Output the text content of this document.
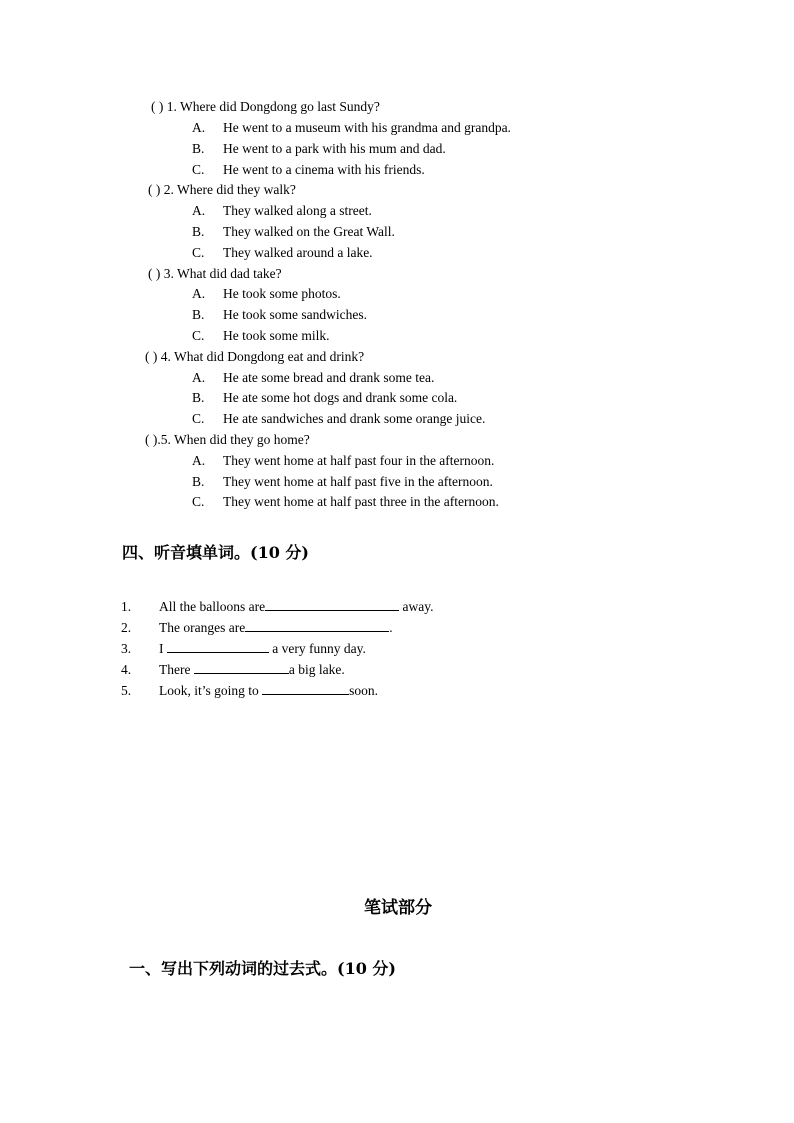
( ) 1. Where did Dongdong go last Sundy?
A. He went to a museum with his grandma and grandpa.
B. He went to a park with his mum and dad.
C. He went to a cinema with his friends.
( ) 2. Where did they walk?
A. They walked along a street.
B. They walked on the Great Wall.
C. They walked around a lake.
( ) 3. What did dad take?
A. He took some photos.
B. He took some sandwiches.
C. He took some milk.
( ) 4. What did Dongdong eat and drink?
A. He ate some bread and drank some tea.
B. He ate some hot dogs and drank some cola.
C. He ate sandwiches and drank some orange juice.
( ).5. When did they go home?
A. They went home at half past four in the afternoon.
B. They went home at half past five in the afternoon.
C. They went home at half past three in the afternoon.
四、听音填单词。(10 分)
1. All the balloons are	away.
2. The oranges are	.
3. I	a very funny day.
4. There	a big lake.
5. Look, it’s going to	soon.
笔试部分
一、写出下列动词的过去式。(10 分)
